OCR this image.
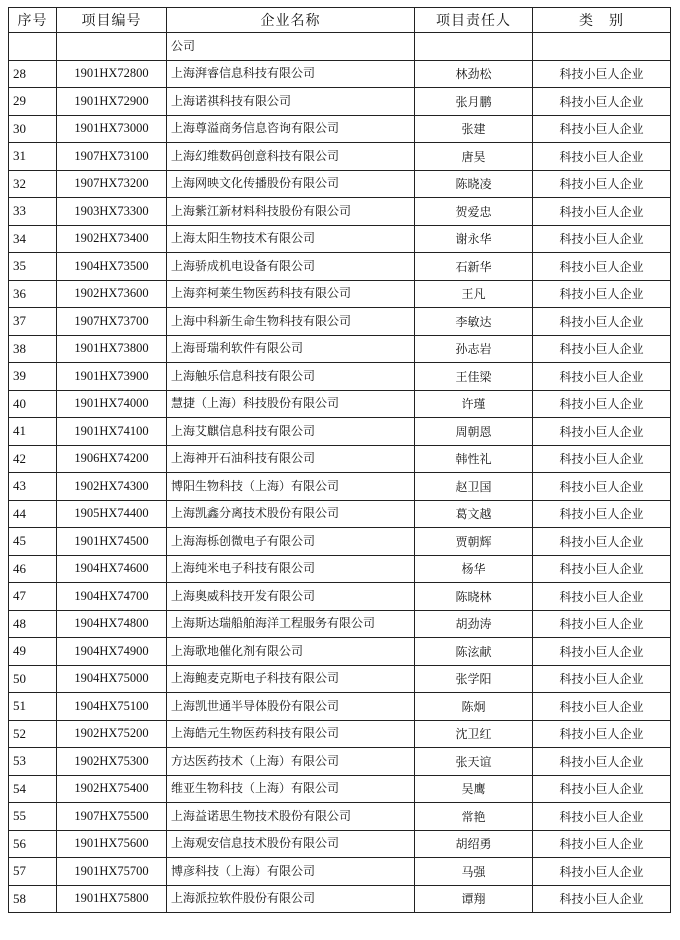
序号	项目编号	企业名称	项目责任人	类　别
		公司		
28	1901HX72800	上海湃睿信息科技有限公司	林劲松	科技小巨人企业
29	1901HX72900	上海诺祺科技有限公司	张月鹏	科技小巨人企业
30	1901HX73000	上海尊溢商务信息咨询有限公司	张建	科技小巨人企业
31	1907HX73100	上海幻维数码创意科技有限公司	唐昊	科技小巨人企业
32	1907HX73200	上海网映文化传播股份有限公司	陈晓凌	科技小巨人企业
33	1903HX73300	上海紫江新材料科技股份有限公司	贺爱忠	科技小巨人企业
34	1902HX73400	上海太阳生物技术有限公司	谢永华	科技小巨人企业
35	1904HX73500	上海骄成机电设备有限公司	石新华	科技小巨人企业
36	1902HX73600	上海弈柯莱生物医药科技有限公司	王凡	科技小巨人企业
37	1907HX73700	上海中科新生命生物科技有限公司	李敏达	科技小巨人企业
38	1901HX73800	上海哥瑞利软件有限公司	孙志岩	科技小巨人企业
39	1901HX73900	上海触乐信息科技有限公司	王佳梁	科技小巨人企业
40	1901HX74000	慧捷（上海）科技股份有限公司	许瑾	科技小巨人企业
41	1901HX74100	上海艾麒信息科技有限公司	周朝恩	科技小巨人企业
42	1906HX74200	上海神开石油科技有限公司	韩性礼	科技小巨人企业
43	1902HX74300	博阳生物科技（上海）有限公司	赵卫国	科技小巨人企业
44	1905HX74400	上海凯鑫分离技术股份有限公司	葛文越	科技小巨人企业
45	1901HX74500	上海海栎创微电子有限公司	贾朝辉	科技小巨人企业
46	1904HX74600	上海纯米电子科技有限公司	杨华	科技小巨人企业
47	1904HX74700	上海奥威科技开发有限公司	陈晓林	科技小巨人企业
48	1904HX74800	上海斯达瑞船舶海洋工程服务有限公司	胡劲涛	科技小巨人企业
49	1904HX74900	上海歌地催化剂有限公司	陈泫献	科技小巨人企业
50	1904HX75000	上海鲍麦克斯电子科技有限公司	张学阳	科技小巨人企业
51	1904HX75100	上海凯世通半导体股份有限公司	陈炯	科技小巨人企业
52	1902HX75200	上海皓元生物医药科技有限公司	沈卫红	科技小巨人企业
53	1902HX75300	方达医药技术（上海）有限公司	张天谊	科技小巨人企业
54	1902HX75400	维亚生物科技（上海）有限公司	吴鹰	科技小巨人企业
55	1907HX75500	上海益诺思生物技术股份有限公司	常艳	科技小巨人企业
56	1901HX75600	上海观安信息技术股份有限公司	胡绍勇	科技小巨人企业
57	1901HX75700	博彦科技（上海）有限公司	马强	科技小巨人企业
58	1901HX75800	上海派拉软件股份有限公司	谭翔	科技小巨人企业
